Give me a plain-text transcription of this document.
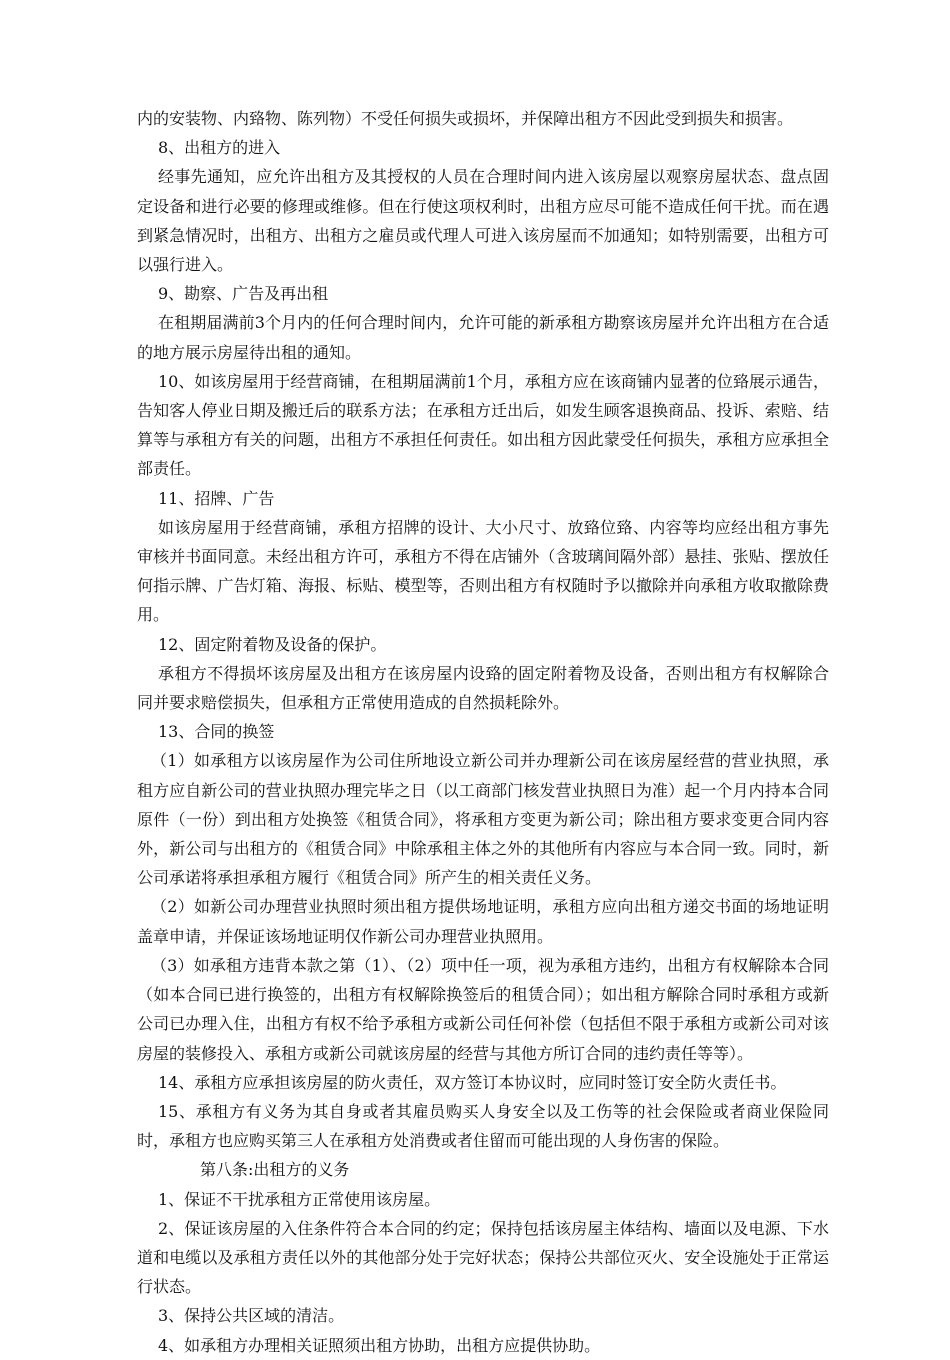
内的安装物、内臵物、陈列物）不受任何损失或损坏，并保障出租方不因此受到损失和损害。

8、出租方的进入

经事先通知，应允许出租方及其授权的人员在合理时间内进入该房屋以观察房屋状态、盘点固定设备和进行必要的修理或维修。但在行使这项权利时，出租方应尽可能不造成任何干扰。而在遇到紧急情况时，出租方、出租方之雇员或代理人可进入该房屋而不加通知；如特别需要，出租方可以强行进入。

9、勘察、广告及再出租

在租期届满前3个月内的任何合理时间内，允许可能的新承租方勘察该房屋并允许出租方在合适的地方展示房屋待出租的通知。

10、如该房屋用于经营商铺，在租期届满前1个月，承租方应在该商铺内显著的位臵展示通告，告知客人停业日期及搬迁后的联系方法；在承租方迁出后，如发生顾客退换商品、投诉、索赔、结算等与承租方有关的问题，出租方不承担任何责任。如出租方因此蒙受任何损失，承租方应承担全部责任。

11、招牌、广告

如该房屋用于经营商铺，承租方招牌的设计、大小尺寸、放臵位臵、内容等均应经出租方事先审核并书面同意。未经出租方许可，承租方不得在店铺外（含玻璃间隔外部）悬挂、张贴、摆放任何指示牌、广告灯箱、海报、标贴、模型等，否则出租方有权随时予以撤除并向承租方收取撤除费用。

12、固定附着物及设备的保护。

承租方不得损坏该房屋及出租方在该房屋内设臵的固定附着物及设备，否则出租方有权解除合同并要求赔偿损失，但承租方正常使用造成的自然损耗除外。

13、合同的换签

（1）如承租方以该房屋作为公司住所地设立新公司并办理新公司在该房屋经营的营业执照，承租方应自新公司的营业执照办理完毕之日（以工商部门核发营业执照日为准）起一个月内持本合同原件（一份）到出租方处换签《租赁合同》，将承租方变更为新公司；除出租方要求变更合同内容外，新公司与出租方的《租赁合同》中除承租主体之外的其他所有内容应与本合同一致。同时，新公司承诺将承担承租方履行《租赁合同》所产生的相关责任义务。

（2）如新公司办理营业执照时须出租方提供场地证明，承租方应向出租方递交书面的场地证明盖章申请，并保证该场地证明仅作新公司办理营业执照用。

（3）如承租方违背本款之第（1）、（2）项中任一项，视为承租方违约，出租方有权解除本合同（如本合同已进行换签的，出租方有权解除换签后的租赁合同）；如出租方解除合同时承租方或新公司已办理入住，出租方有权不给予承租方或新公司任何补偿（包括但不限于承租方或新公司对该房屋的装修投入、承租方或新公司就该房屋的经营与其他方所订合同的违约责任等等）。

14、承租方应承担该房屋的防火责任，双方签订本协议时，应同时签订安全防火责任书。

15、承租方有义务为其自身或者其雇员购买人身安全以及工伤等的社会保险或者商业保险同时，承租方也应购买第三人在承租方处消费或者住留而可能出现的人身伤害的保险。

第八条:出租方的义务

1、保证不干扰承租方正常使用该房屋。

2、保证该房屋的入住条件符合本合同的约定；保持包括该房屋主体结构、墙面以及电源、下水道和电缆以及承租方责任以外的其他部分处于完好状态；保持公共部位灭火、安全设施处于正常运行状态。

3、保持公共区域的清洁。

4、如承租方办理相关证照须出租方协助，出租方应提供协助。
